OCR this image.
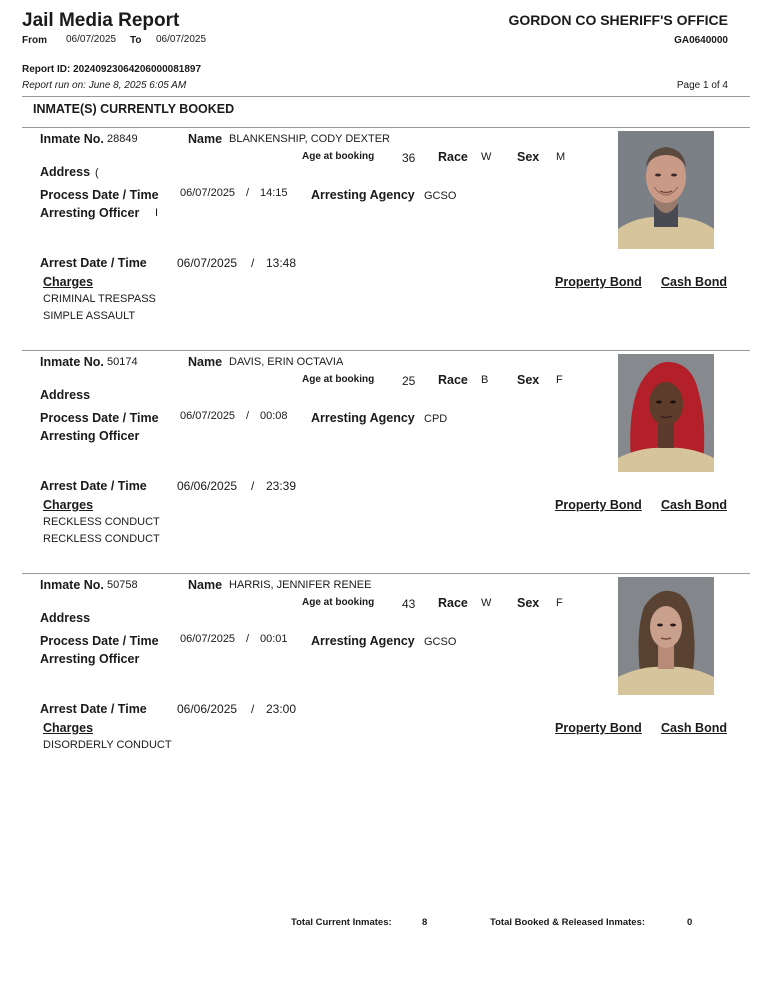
Jail Media Report	GORDON CO SHERIFF'S OFFICE
From 06/07/2025 To 06/07/2025	GA0640000
Report ID: 20240923064206000081897
Report run on: June 8, 2025 6:05 AM	Page 1 of 4
INMATE(S) CURRENTLY BOOKED
Inmate No. 28849	Name BLANKENSHIP, CODY DEXTER
Age at booking 36 Race W Sex M
Address (
Process Date / Time 06/07/2025 / 14:15 Arresting Agency GCSO
Arresting Officer I
Arrest Date / Time	06/07/2025 / 13:48
Charges	Property Bond Cash Bond
CRIMINAL TRESPASS
SIMPLE ASSAULT
Inmate No. 50174	Name DAVIS, ERIN OCTAVIA
Age at booking 25 Race B Sex F
Address
Process Date / Time 06/07/2025 / 00:08 Arresting Agency CPD
Arresting Officer
Arrest Date / Time	06/06/2025 / 23:39
Charges	Property Bond Cash Bond
RECKLESS CONDUCT
RECKLESS CONDUCT
Inmate No. 50758	Name HARRIS, JENNIFER RENEE
Age at booking 43 Race W Sex F
Address
Process Date / Time 06/07/2025 / 00:01 Arresting Agency GCSO
Arresting Officer
Arrest Date / Time	06/06/2025 / 23:00
Charges	Property Bond Cash Bond
DISORDERLY CONDUCT
Total Current Inmates:	8	Total Booked & Released Inmates:	0
